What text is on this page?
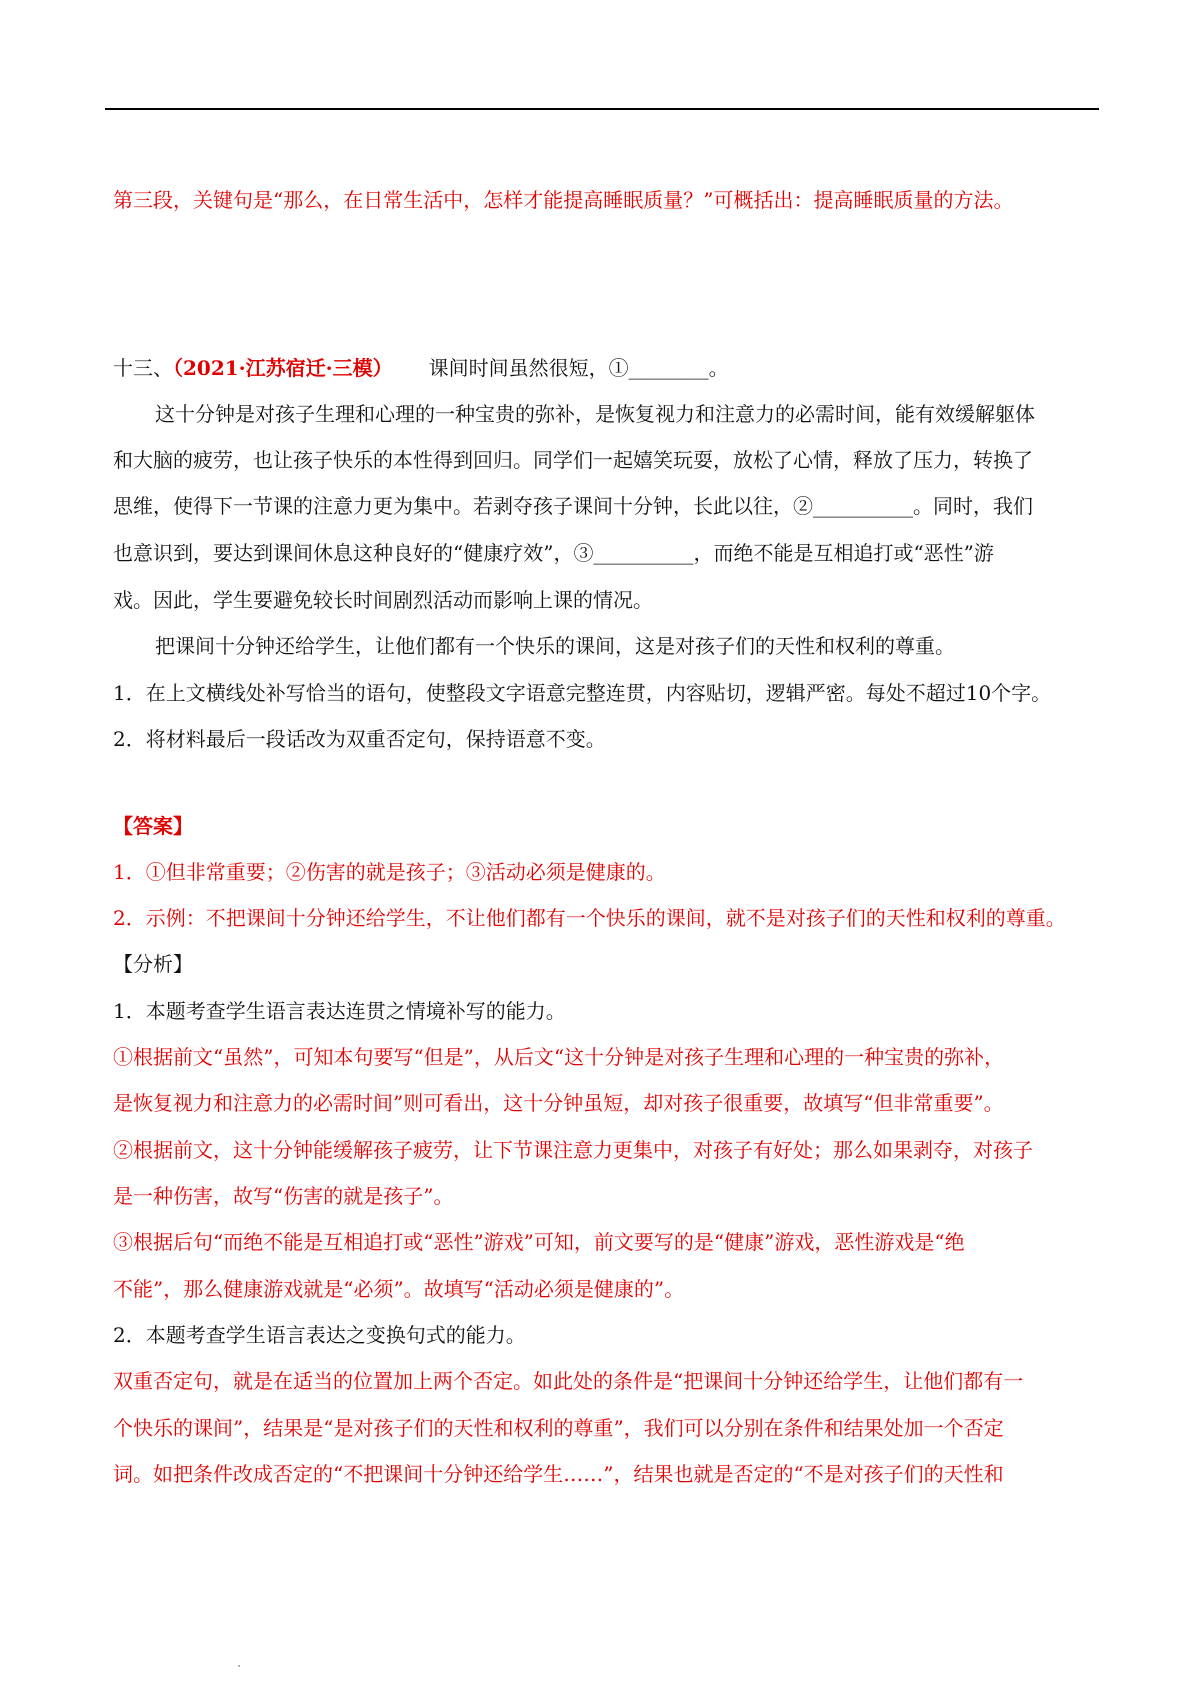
第三段，关键句是“那么，在日常生活中，怎样才能提高睡眠质量？”可概括出：提高睡眠质量的方法。
十三、（2021·江苏宿迁·三模） 课间时间虽然很短，①________。
这十分钟是对孩子生理和心理的一种宝贵的弥补，是恢复视力和注意力的必需时间，能有效缓解躯体
和大脑的疲劳，也让孩子快乐的本性得到回归。同学们一起嬉笑玩耍，放松了心情，释放了压力，转换了
思维，使得下一节课的注意力更为集中。若剥夺孩子课间十分钟，长此以往，②__________。同时，我们
也意识到，要达到课间休息这种良好的“健康疗效”，③__________，而绝不能是互相追打或“恶性”游
戏。因此，学生要避免较长时间剧烈活动而影响上课的情况。
把课间十分钟还给学生，让他们都有一个快乐的课间，这是对孩子们的天性和权利的尊重。
1．在上文横线处补写恰当的语句，使整段文字语意完整连贯，内容贴切，逻辑严密。每处不超过10个字。
2．将材料最后一段话改为双重否定句，保持语意不变。
【答案】
1．①但非常重要；②伤害的就是孩子；③活动必须是健康的。
2．示例：不把课间十分钟还给学生，不让他们都有一个快乐的课间，就不是对孩子们的天性和权利的尊重。
【分析】
1．本题考查学生语言表达连贯之情境补写的能力。
①根据前文“虽然”，可知本句要写“但是”，从后文“这十分钟是对孩子生理和心理的一种宝贵的弥补，
是恢复视力和注意力的必需时间”则可看出，这十分钟虽短，却对孩子很重要，故填写“但非常重要”。
②根据前文，这十分钟能缓解孩子疲劳，让下节课注意力更集中，对孩子有好处；那么如果剥夺，对孩子
是一种伤害，故写“伤害的就是孩子”。
③根据后句“而绝不能是互相追打或“恶性”游戏”可知，前文要写的是“健康”游戏，恶性游戏是“绝
不能”，那么健康游戏就是“必须”。故填写“活动必须是健康的”。
2．本题考查学生语言表达之变换句式的能力。
双重否定句，就是在适当的位置加上两个否定。如此处的条件是“把课间十分钟还给学生，让他们都有一
个快乐的课间”，结果是“是对孩子们的天性和权利的尊重”，我们可以分别在条件和结果处加一个否定
词。如把条件改成否定的“不把课间十分钟还给学生……”，结果也就是否定的“不是对孩子们的天性和
